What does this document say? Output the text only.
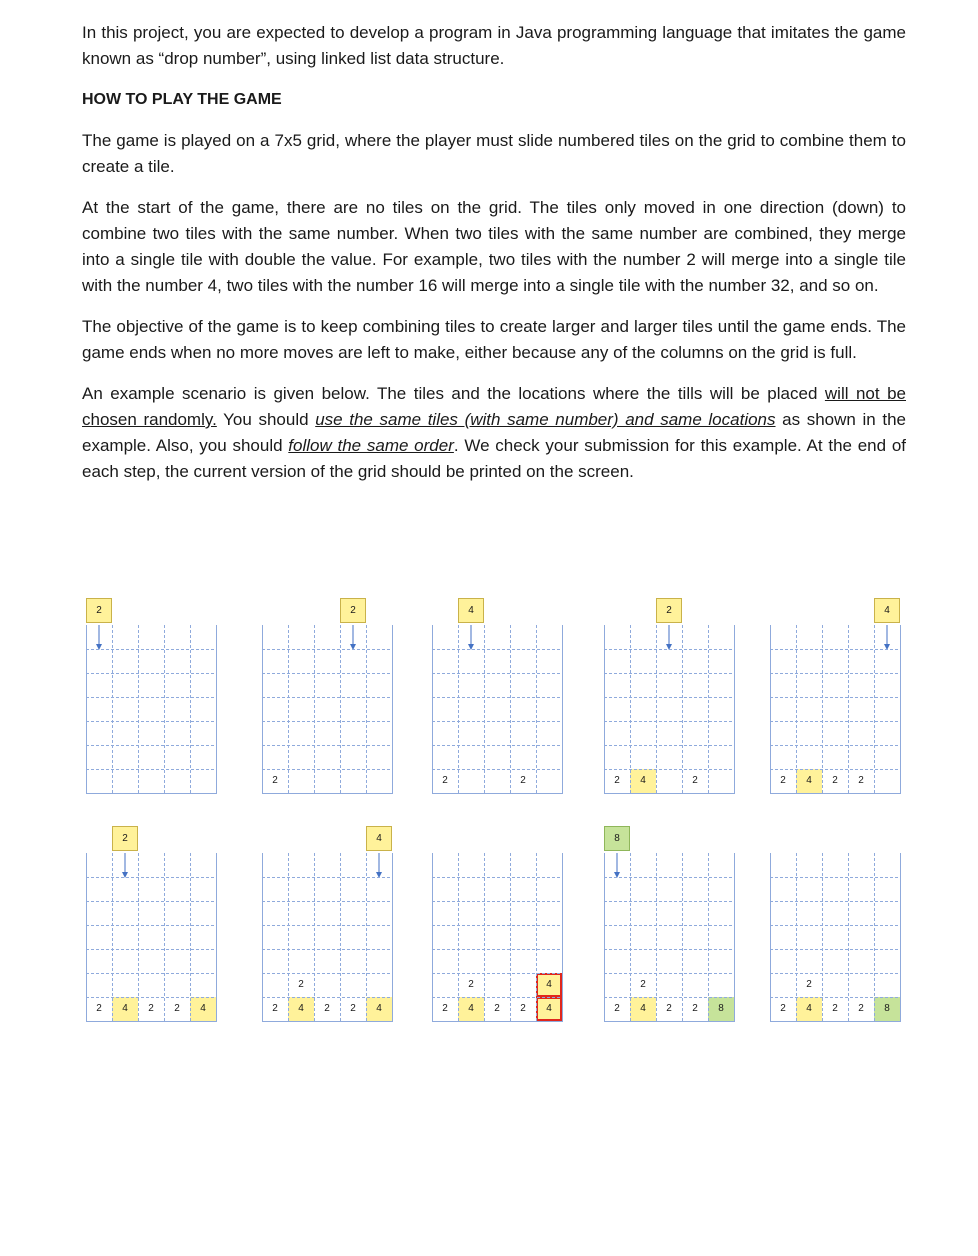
In this project, you are expected to develop a program in Java programming language that imitates the game known as “drop number”, using linked list data structure.

HOW TO PLAY THE GAME

The game is played on a 7x5 grid, where the player must slide numbered tiles on the grid to combine them to create a tile.

At the start of the game, there are no tiles on the grid. The tiles only moved in one direction (down) to combine two tiles with the same number. When two tiles with the same number are combined, they merge into a single tile with double the value. For example, two tiles with the number 2 will merge into a single tile with the number 4, two tiles with the number 16 will merge into a single tile with the number 32, and so on.

The objective of the game is to keep combining tiles to create larger and larger tiles until the game ends. The game ends when no more moves are left to make, either because any of the columns on the grid is full.

An example scenario is given below. The tiles and the locations where the tills will be placed will not be chosen randomly. You should use the same tiles (with same number) and same locations as shown in the example. Also, you should follow the same order. We check your submission for this example. At the end of each step, the current version of the grid should be printed on the screen.

2	2
2
4
2	2
2
2	4	2
4
2	4	2	2
2
2	4	2	2	4
4
2
2	4	2	2	4
2	4
2	4	2	2	4
8
2
2	4	2	2	8
2
2	4	2	2	8
